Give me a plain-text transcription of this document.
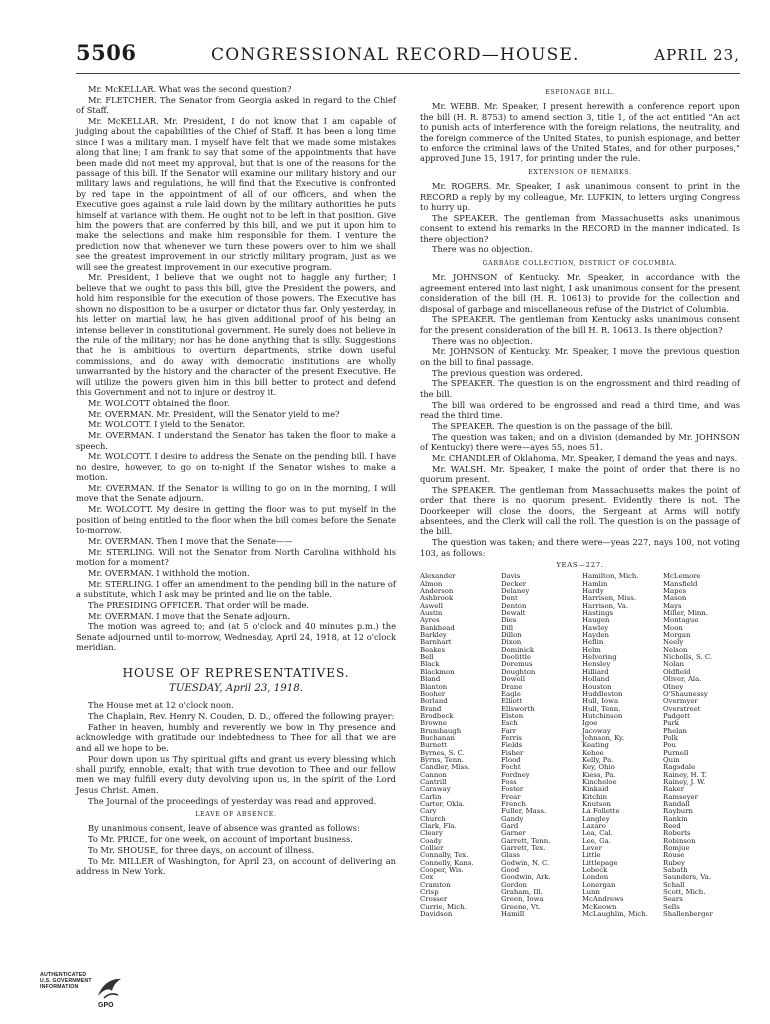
5506	CONGRESSIONAL RECORD—HOUSE.	APRIL 23,

Mr. McKELLAR. What was the second question?

Mr. FLETCHER. The Senator from Georgia asked in regard to the Chief of Staff.

Mr. McKELLAR. Mr. President, I do not know that I am capable of judging about the capabilities of the Chief of Staff. It has been a long time since I was a military man. I myself have felt that we made some mistakes along that line; I am frank to say that some of the appointments that have been made did not meet my approval, but that is one of the reasons for the passage of this bill. If the Senator will examine our military history and our military laws and regulations, he will find that the Executive is confronted by red tape in the appointment of all of our officers, and when the Executive goes against a rule laid down by the military authorities he puts himself at variance with them. He ought not to be left in that position. Give him the powers that are conferred by this bill, and we put it upon him to make the selections and make him responsible for them. I venture the prediction now that whenever we turn these powers over to him we shall see the greatest improvement in our strictly military program, just as we will see the greatest improvement in our executive program.

Mr. President, I believe that we ought not to haggle any further; I believe that we ought to pass this bill, give the President the powers, and hold him responsible for the execution of those powers. The Executive has shown no disposition to be a usurper or dictator thus far. Only yesterday, in his letter on martial law, he has given additional proof of his being an intense believer in constitutional government. He surely does not believe in the rule of the military; nor has he done anything that is silly. Suggestions that he is ambitious to overturn departments, strike down useful commissions, and do away with democratic institutions are wholly unwarranted by the history and the character of the present Executive. He will utilize the powers given him in this bill better to protect and defend this Government and not to injure or destroy it.

Mr. WOLCOTT obtained the floor.

Mr. OVERMAN. Mr. President, will the Senator yield to me?

Mr. WOLCOTT. I yield to the Senator.

Mr. OVERMAN. I understand the Senator has taken the floor to make a speech.

Mr. WOLCOTT. I desire to address the Senate on the pending bill. I have no desire, however, to go on to-night if the Senator wishes to make a motion.

Mr. OVERMAN. If the Senator is willing to go on in the morning, I will move that the Senate adjourn.

Mr. WOLCOTT. My desire in getting the floor was to put myself in the position of being entitled to the floor when the bill comes before the Senate to-morrow.

Mr. OVERMAN. Then I move that the Senate——

Mr. STERLING. Will not the Senator from North Carolina withhold his motion for a moment?

Mr. OVERMAN. I withhold the motion.

Mr. STERLING. I offer an amendment to the pending bill in the nature of a substitute, which I ask may be printed and lie on the table.

The PRESIDING OFFICER. That order will be made.

Mr. OVERMAN. I move that the Senate adjourn.

The motion was agreed to; and (at 5 o'clock and 40 minutes p.m.) the Senate adjourned until to-morrow, Wednesday, April 24, 1918, at 12 o'clock meridian.

HOUSE OF REPRESENTATIVES.
TUESDAY, April 23, 1918.

The House met at 12 o'clock noon.

The Chaplain, Rev. Henry N. Couden, D. D., offered the following prayer:

Father in heaven, humbly and reverently we bow in Thy presence and acknowledge with gratitude our indebtedness to Thee for all that we are and all we hope to be.

Pour down upon us Thy spiritual gifts and grant us every blessing which shall purify, ennoble, exalt; that with true devotion to Thee and our fellow men we may fulfill every duty devolving upon us, in the spirit of the Lord Jesus Christ. Amen.

The Journal of the proceedings of yesterday was read and approved.

LEAVE OF ABSENCE.

By unanimous consent, leave of absence was granted as follows:

To Mr. PRICE, for one week, on account of important business.

To Mr. SHOUSE, for three days, on account of illness.

To Mr. MILLER of Washington, for April 23, on account of delivering an address in New York.

ESPIONAGE BILL.

Mr. WEBB. Mr. Speaker, I present herewith a conference report upon the bill (H. R. 8753) to amend section 3, title 1, of the act entitled "An act to punish acts of interference with the foreign relations, the neutrality, and the foreign commerce of the United States, to punish espionage, and better to enforce the criminal laws of the United States, and for other purposes," approved June 15, 1917, for printing under the rule.

EXTENSION OF REMARKS.

Mr. ROGERS. Mr. Speaker, I ask unanimous consent to print in the RECORD a reply by my colleague, Mr. LUFKIN, to letters urging Congress to hurry up.

The SPEAKER. The gentleman from Massachusetts asks unanimous consent to extend his remarks in the RECORD in the manner indicated. Is there objection?

There was no objection.

GARBAGE COLLECTION, DISTRICT OF COLUMBIA.

Mr. JOHNSON of Kentucky. Mr. Speaker, in accordance with the agreement entered into last night, I ask unanimous consent for the present consideration of the bill (H. R. 10613) to provide for the collection and disposal of garbage and miscellaneous refuse of the District of Columbia.

The SPEAKER. The gentleman from Kentucky asks unanimous consent for the present consideration of the bill H. R. 10613. Is there objection?

There was no objection.

Mr. JOHNSON of Kentucky. Mr. Speaker, I move the previous question on the bill to final passage.

The previous question was ordered.

The SPEAKER. The question is on the engrossment and third reading of the bill.

The bill was ordered to be engrossed and read a third time, and was read the third time.

The SPEAKER. The question is on the passage of the bill.

The question was taken; and on a division (demanded by Mr. JOHNSON of Kentucky) there were—ayes 55, noes 51.

Mr. CHANDLER of Oklahoma. Mr. Speaker, I demand the yeas and nays.

Mr. WALSH. Mr. Speaker, I make the point of order that there is no quorum present.

The SPEAKER. The gentleman from Massachusetts makes the point of order that there is no quorum present. Evidently there is not. The Doorkeeper will close the doors, the Sergeant at Arms will notify absentees, and the Clerk will call the roll. The question is on the passage of the bill.

The question was taken; and there were—yeas 227, nays 100, not voting 103, as follows:

YEAS—227.
Alexander
Almon
Anderson
Ashbrook
Aswell
Austin
Ayres
Bankhead
Barkley
Barnhart
Beakes
Bell
Black
Blackmon
Bland
Blanton
Booher
Borland
Brand
Brodbeck
Browne
Brumbaugh
Buchanan
Burnett
Byrnes, S. C.
Byrns, Tenn.
Candler, Miss.
Cannon
Cantrill
Caraway
Carlin
Carter, Okla.
Cary
Church
Clark, Fla.
Cleary
Coady
Collier
Connally, Tex.
Connelly, Kans.
Cooper, Wis.
Cox
Cramton
Crisp
Crosser
Currie, Mich.
Davidson
Davis
Decker
Delaney
Dent
Denton
Dewalt
Dies
Dill
Dillon
Dixon
Dominick
Doolittle
Doremus
Doughton
Dowell
Drane
Eagle
Elliott
Ellsworth
Elston
Esch
Farr
Ferris
Fields
Fisher
Flood
Focht
Fordney
Foss
Foster
Frear
French
Fuller, Mass.
Gandy
Gard
Garner
Garrett, Tenn.
Garrett, Tex.
Glass
Godwin, N. C.
Good
Goodwin, Ark.
Gordon
Graham, Ill.
Green, Iowa
Greene, Vt.
Hamill
Hamilton, Mich.
Hamlin
Hardy
Harrison, Miss.
Harrison, Va.
Hastings
Haugen
Hawley
Hayden
Heflin
Helm
Helvering
Hensley
Hilliard
Holland
Houston
Huddleston
Hull, Iowa
Hull, Tenn.
Hutchinson
Igoe
Jacoway
Johnson, Ky.
Keating
Kehoe
Kelly, Pa.
Key, Ohio
Kiess, Pa.
Kincheloe
Kinkaid
Kitchin
Knutson
La Follette
Langley
Lazaro
Lea, Cal.
Lee, Ga.
Lever
Little
Littlepage
Lobeck
London
Lonergan
Lunn
McAndrews
McKeown
McLaughlin, Mich.
McLemore
Mansfield
Mapes
Mason
Mays
Miller, Minn.
Montague
Moon
Morgan
Neely
Nelson
Nicholls, S. C.
Nolan
Oldfield
Oliver, Ala.
Olney
O'Shaunessy
Overmyer
Overstreet
Padgett
Park
Phelan
Polk
Pou
Purnell
Quin
Ragsdale
Rainey, H. T.
Rainey, J. W.
Raker
Ramseyer
Randall
Rayburn
Rankin
Reed
Roberts
Robinson
Romjue
Rouse
Rubey
Sabath
Saunders, Va.
Schall
Scott, Mich.
Sears
Sells
Shallenberger
AUTHENTICATED
U.S. GOVERNMENT
INFORMATION
GPO
